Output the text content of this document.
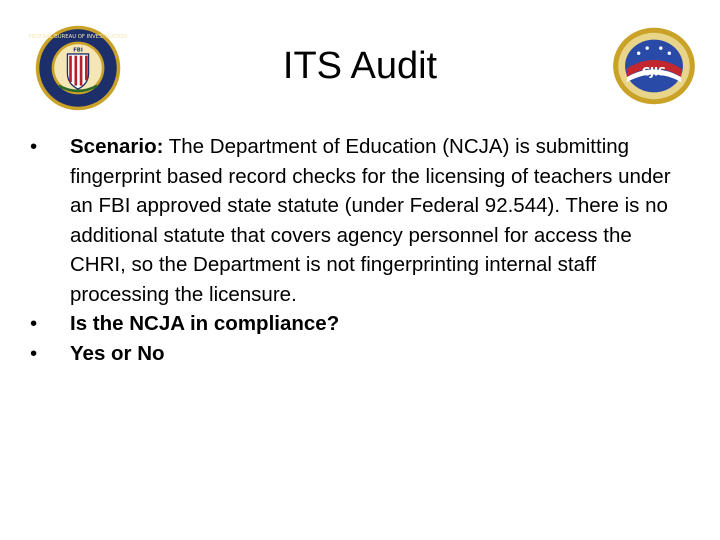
FEDERAL BUREAU OF INVESTIGATION
FBI	ITS Audit	CJIS
• Scenario: The Department of Education (NCJA) is submitting fingerprint based record checks for the licensing of teachers under an FBI approved state statute (under Federal 92.544). There is no additional statute that covers agency personnel for access the CHRI, so the Department is not fingerprinting internal staff processing the licensure.
• Is the NCJA in compliance?
• Yes or No
